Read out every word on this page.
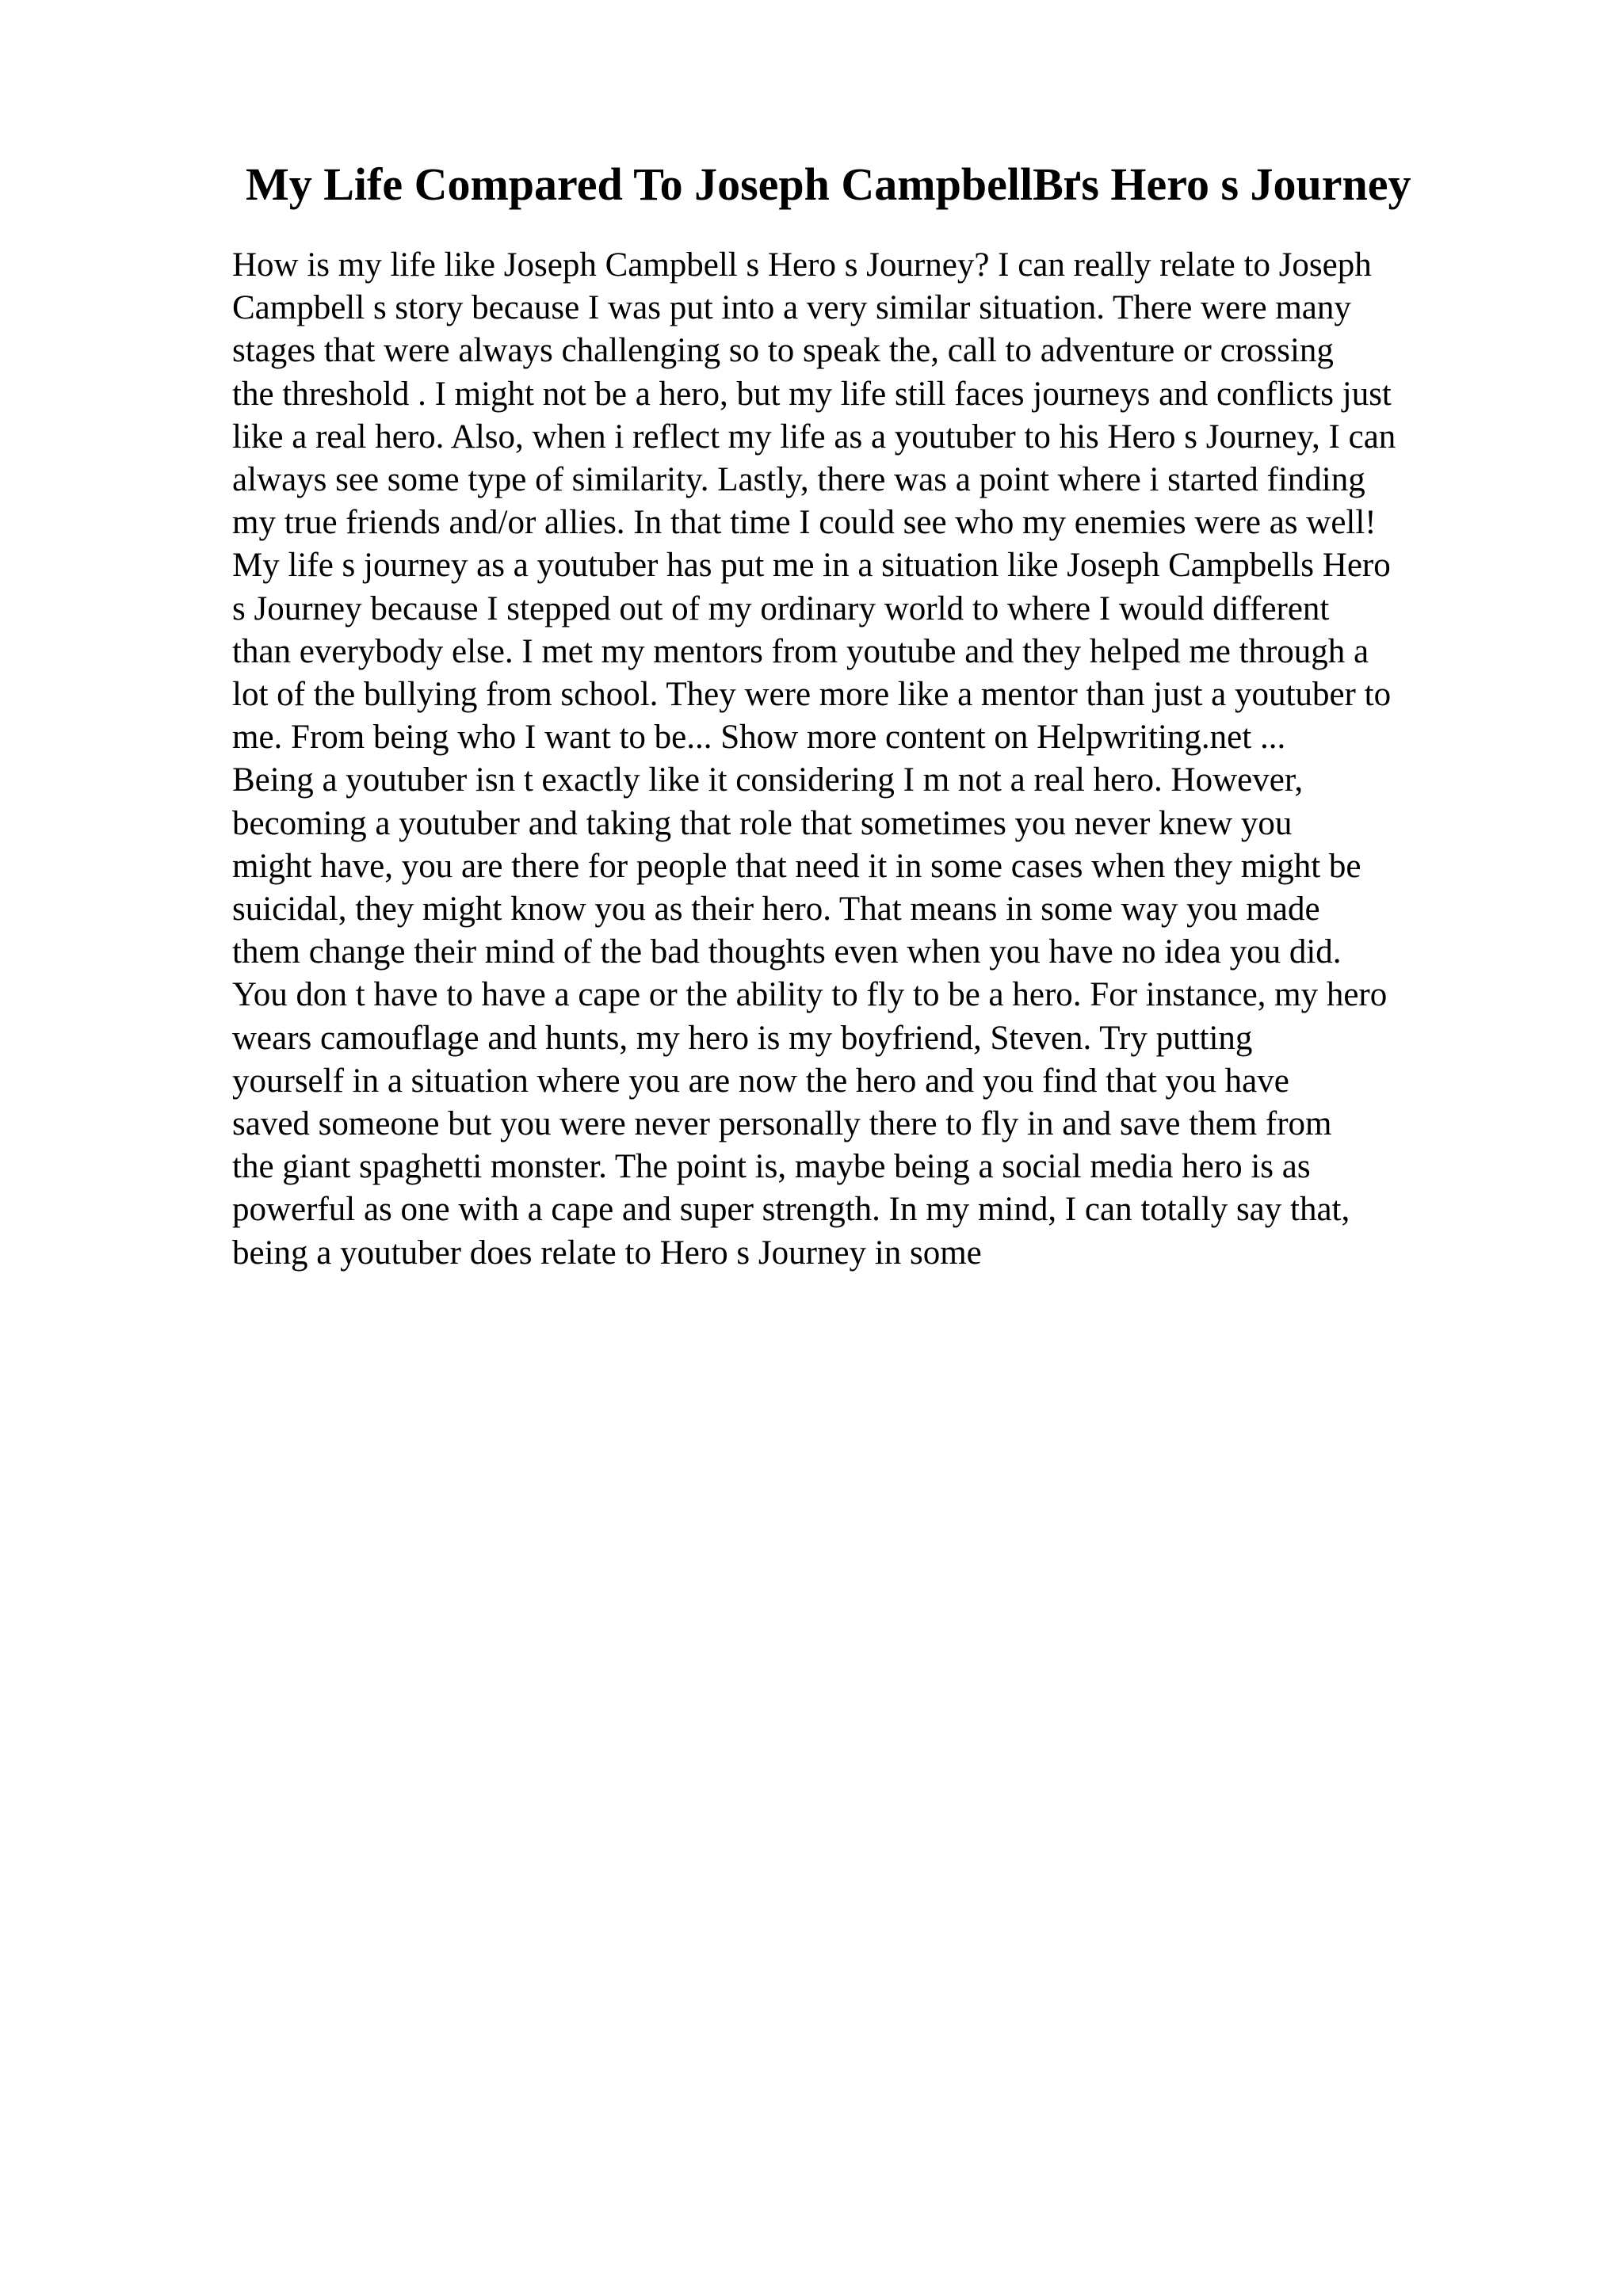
My Life Compared To Joseph CampbellВґs Hero s Journey
How is my life like Joseph Campbell s Hero s Journey? I can really relate to Joseph
Campbell s story because I was put into a very similar situation. There were many
stages that were always challenging so to speak the, call to adventure or crossing
the threshold . I might not be a hero, but my life still faces journeys and conflicts just
like a real hero. Also, when i reflect my life as a youtuber to his Hero s Journey, I can
always see some type of similarity. Lastly, there was a point where i started finding
my true friends and/or allies. In that time I could see who my enemies were as well!
My life s journey as a youtuber has put me in a situation like Joseph Campbells Hero
s Journey because I stepped out of my ordinary world to where I would different
than everybody else. I met my mentors from youtube and they helped me through a
lot of the bullying from school. They were more like a mentor than just a youtuber to
me. From being who I want to be... Show more content on Helpwriting.net ...
Being a youtuber isn t exactly like it considering I m not a real hero. However,
becoming a youtuber and taking that role that sometimes you never knew you
might have, you are there for people that need it in some cases when they might be
suicidal, they might know you as their hero. That means in some way you made
them change their mind of the bad thoughts even when you have no idea you did.
You don t have to have a cape or the ability to fly to be a hero. For instance, my hero
wears camouflage and hunts, my hero is my boyfriend, Steven. Try putting
yourself in a situation where you are now the hero and you find that you have
saved someone but you were never personally there to fly in and save them from
the giant spaghetti monster. The point is, maybe being a social media hero is as
powerful as one with a cape and super strength. In my mind, I can totally say that,
being a youtuber does relate to Hero s Journey in some
